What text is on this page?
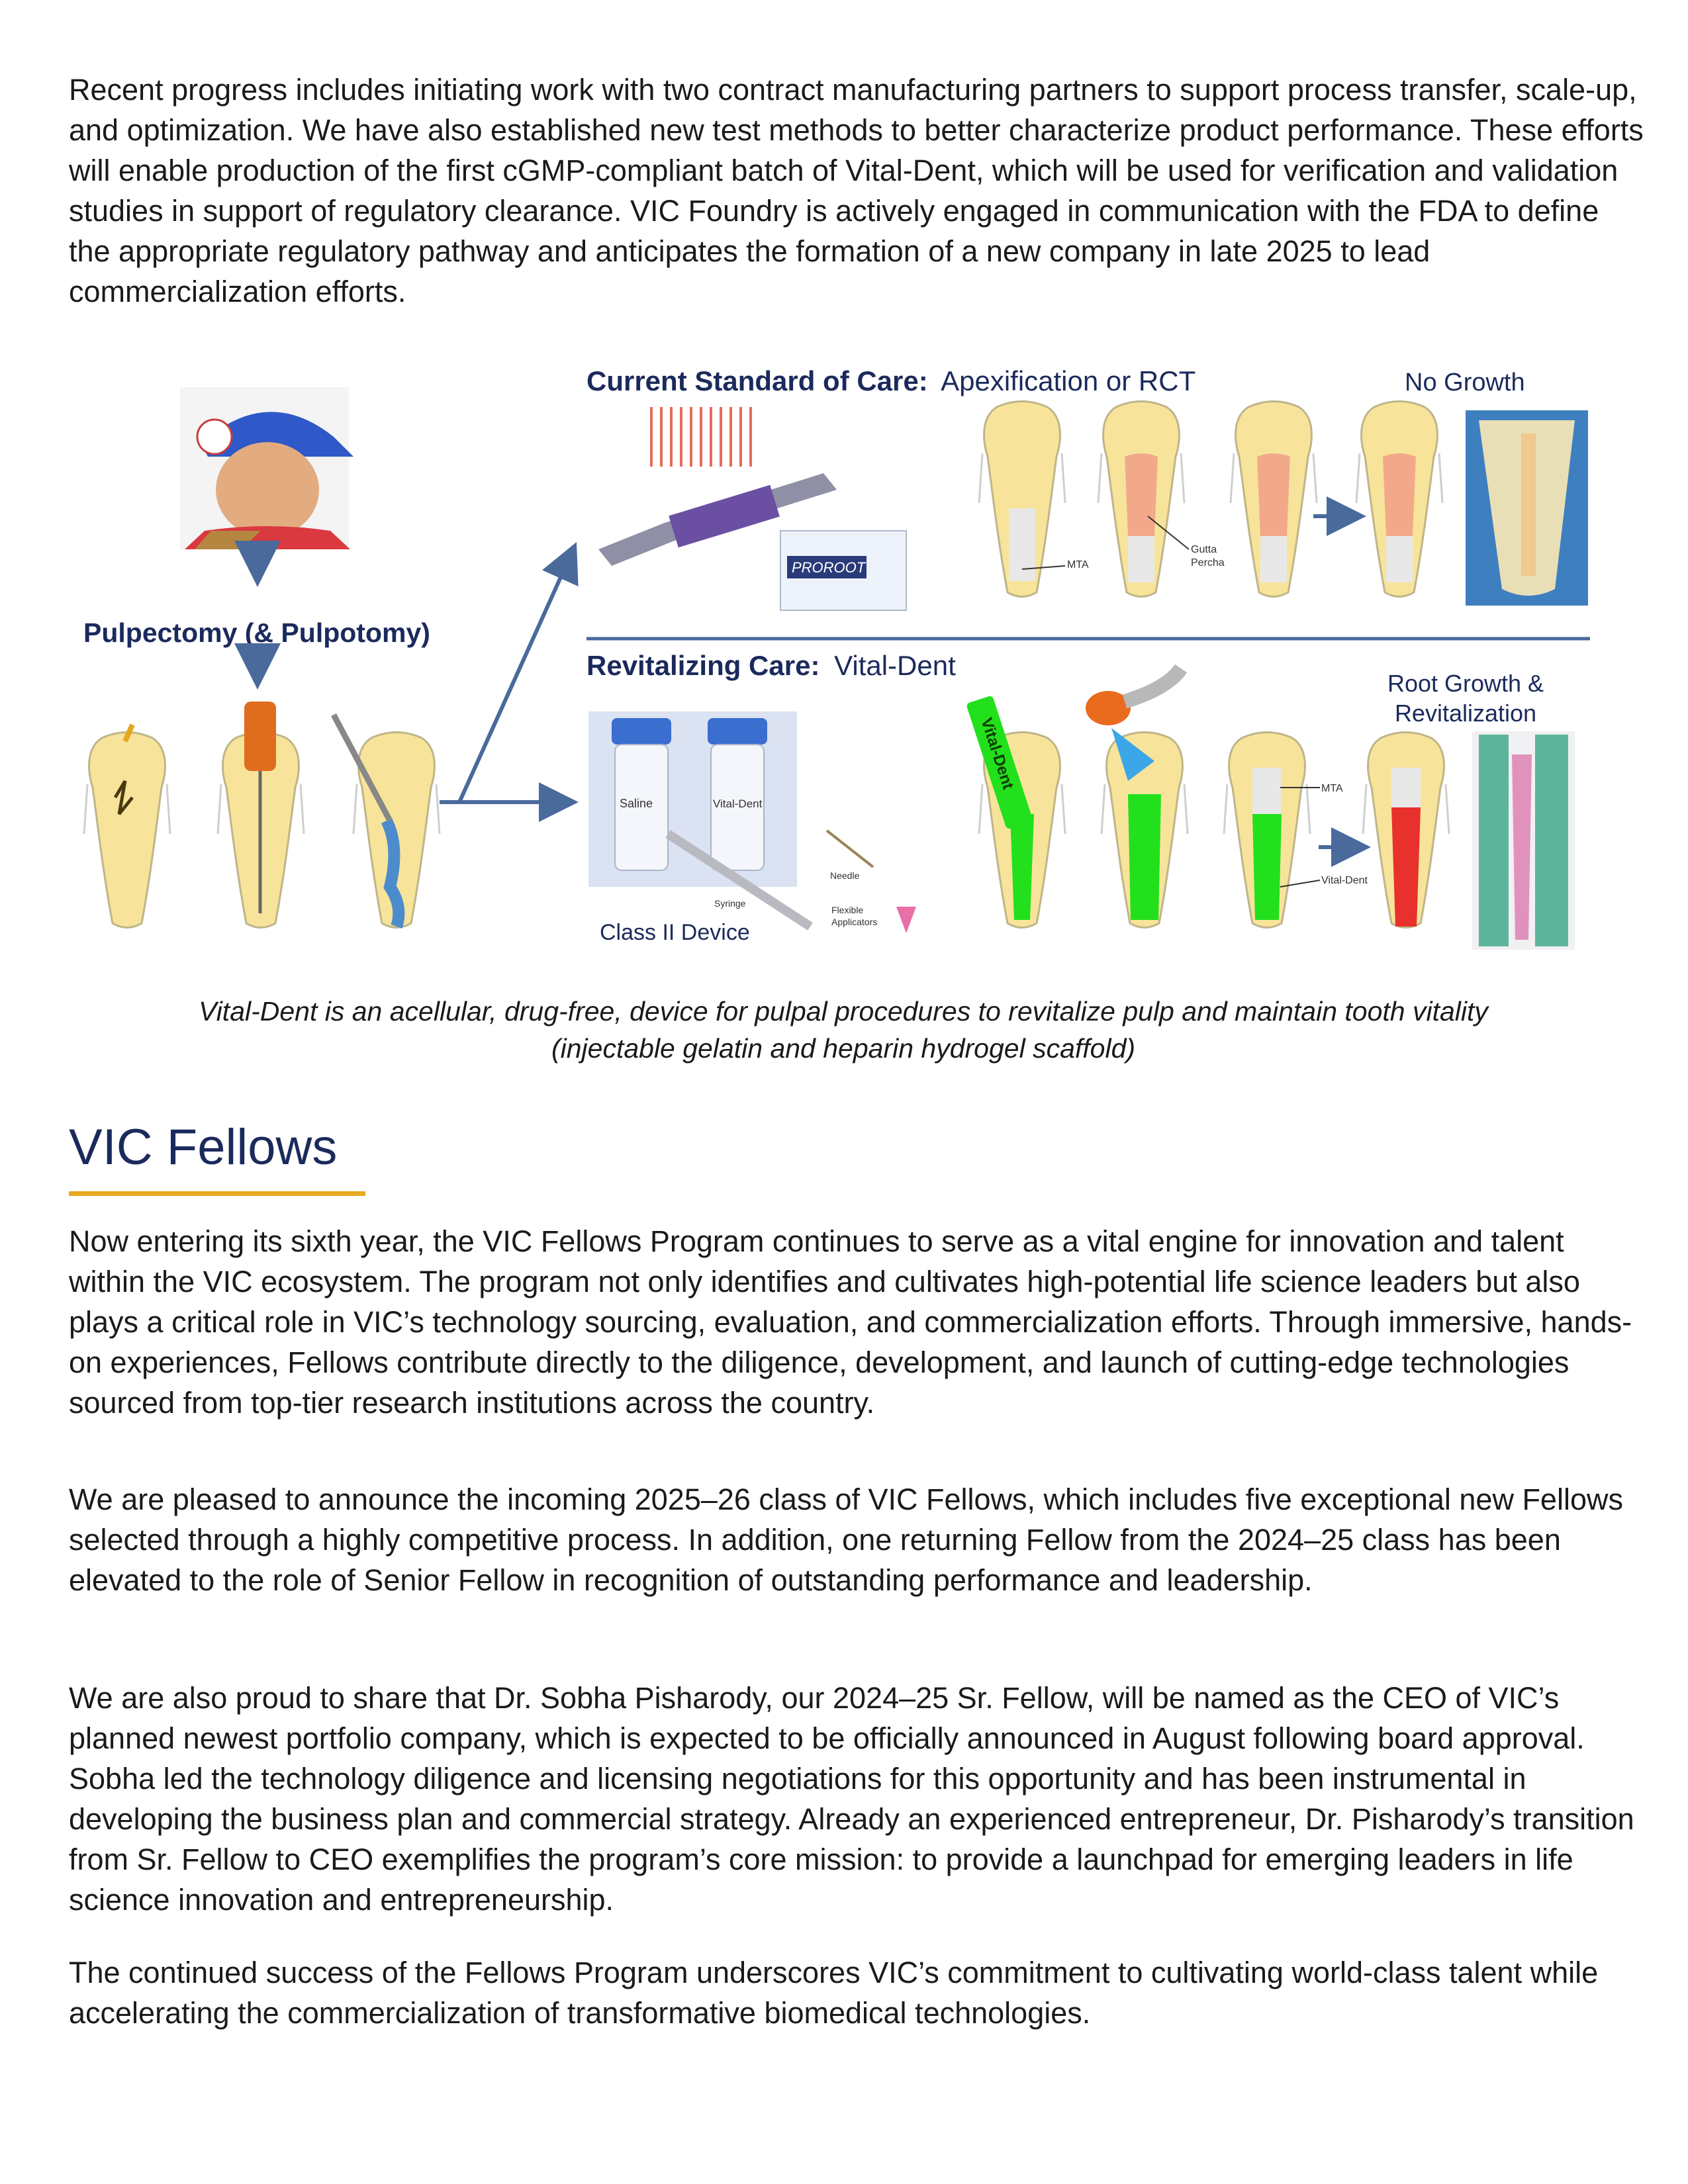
Recent progress includes initiating work with two contract manufacturing partners to support process transfer, scale-up, and optimization. We have also established new test methods to better characterize product performance. These efforts will enable production of the first cGMP-compliant batch of Vital-Dent, which will be used for verification and validation studies in support of regulatory clearance. VIC Foundry is actively engaged in communication with the FDA to define the appropriate regulatory pathway and anticipates the formation of a new company in late 2025 to lead commercialization efforts.

Pulpectomy (& Pulpotomy)
Current Standard of Care: Apexification or RCT	No Growth
PROROOT	MTA
Gutta
Percha
Revitalizing Care: Vital-Dent
Root Growth &
Revitalization
Saline	Vital-Dent
Syringe
Class II Device
Needle
Flexible
Applicators
Vital-Dent	MTA
Vital-Dent
Vital-Dent is an acellular, drug-free, device for pulpal procedures to revitalize pulp and maintain tooth vitality
(injectable gelatin and heparin hydrogel scaffold)
VIC Fellows

Now entering its sixth year, the VIC Fellows Program continues to serve as a vital engine for innovation and talent within the VIC ecosystem. The program not only identifies and cultivates high-potential life science leaders but also plays a critical role in VIC’s technology sourcing, evaluation, and commercialization efforts. Through immersive, hands-on experiences, Fellows contribute directly to the diligence, development, and launch of cutting-edge technologies sourced from top-tier research institutions across the country.

We are pleased to announce the incoming 2025–26 class of VIC Fellows, which includes five exceptional new Fellows selected through a highly competitive process. In addition, one returning Fellow from the 2024–25 class has been elevated to the role of Senior Fellow in recognition of outstanding performance and leadership.

We are also proud to share that Dr. Sobha Pisharody, our 2024–25 Sr. Fellow, will be named as the CEO of VIC’s planned newest portfolio company, which is expected to be officially announced in August following board approval. Sobha led the technology diligence and licensing negotiations for this opportunity and has been instrumental in developing the business plan and commercial strategy. Already an experienced entrepreneur, Dr. Pisharody’s transition from Sr. Fellow to CEO exemplifies the program’s core mission: to provide a launchpad for emerging leaders in life science innovation and entrepreneurship.

The continued success of the Fellows Program underscores VIC’s commitment to cultivating world-class talent while accelerating the commercialization of transformative biomedical technologies.
